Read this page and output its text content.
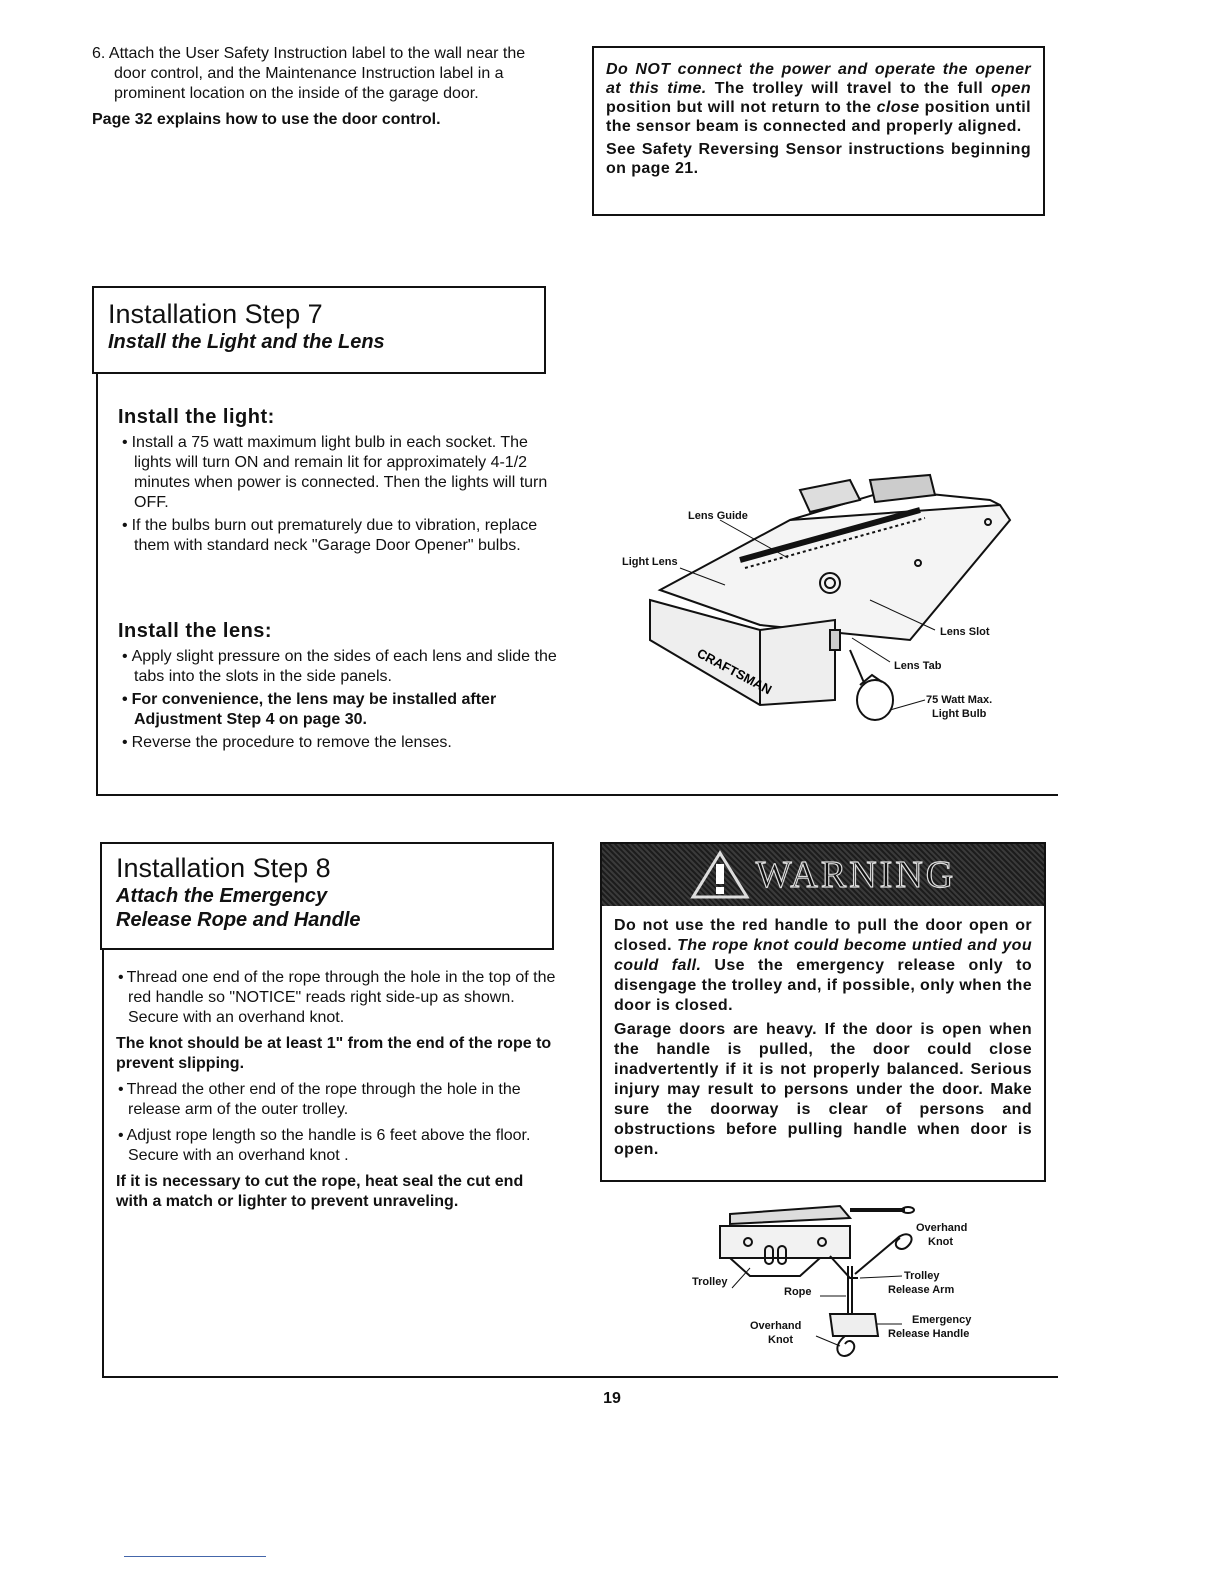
6. Attach the User Safety Instruction label to the wall near the door control, and the Maintenance Instruction label in a prominent location on the inside of the garage door.

Page 32 explains how to use the door control.

Do NOT connect the power and operate the opener at this time. The trolley will travel to the full open position but will not return to the close position until the sensor beam is connected and properly aligned.

See Safety Reversing Sensor instructions beginning on page 21.

Installation Step 7
Install the Light and the Lens
Install the light:
• Install a 75 watt maximum light bulb in each socket. The lights will turn ON and remain lit for approximately 4-1/2 minutes when power is connected. Then the lights will turn OFF.
• If the bulbs burn out prematurely due to vibration, replace them with standard neck "Garage Door Opener" bulbs.
Install the lens:
• Apply slight pressure on the sides of each lens and slide the tabs into the slots in the side panels.
• For convenience, the lens may be installed after Adjustment Step 4 on page 30.
• Reverse the procedure to remove the lenses.
CRAFTSMAN
Lens Guide
Light Lens
Lens Slot
Lens Tab
75 Watt Max.
Light Bulb
Installation Step 8
Attach the Emergency
Release Rope and Handle

• Thread one end of the rope through the hole in the top of the red handle so "NOTICE" reads right side-up as shown. Secure with an overhand knot.

The knot should be at least 1" from the end of the rope to prevent slipping.

• Thread the other end of the rope through the hole in the release arm of the outer trolley.

• Adjust rope length so the handle is 6 feet above the floor. Secure with an overhand knot .

If it is necessary to cut the rope, heat seal the cut end with a match or lighter to prevent unraveling.

WARNING

Do not use the red handle to pull the door open or closed. The rope knot could become untied and you could fall. Use the emergency release only to disengage the trolley and, if possible, only when the door is closed.

Garage doors are heavy. If the door is open when the handle is pulled, the door could close inadvertently if it is not properly balanced. Serious injury may result to persons under the door. Make sure the doorway is clear of persons and obstructions before pulling handle when door is open.

Overhand
Knot
Trolley
Rope
Trolley
Release Arm
Overhand
Knot
Emergency
Release Handle
19
